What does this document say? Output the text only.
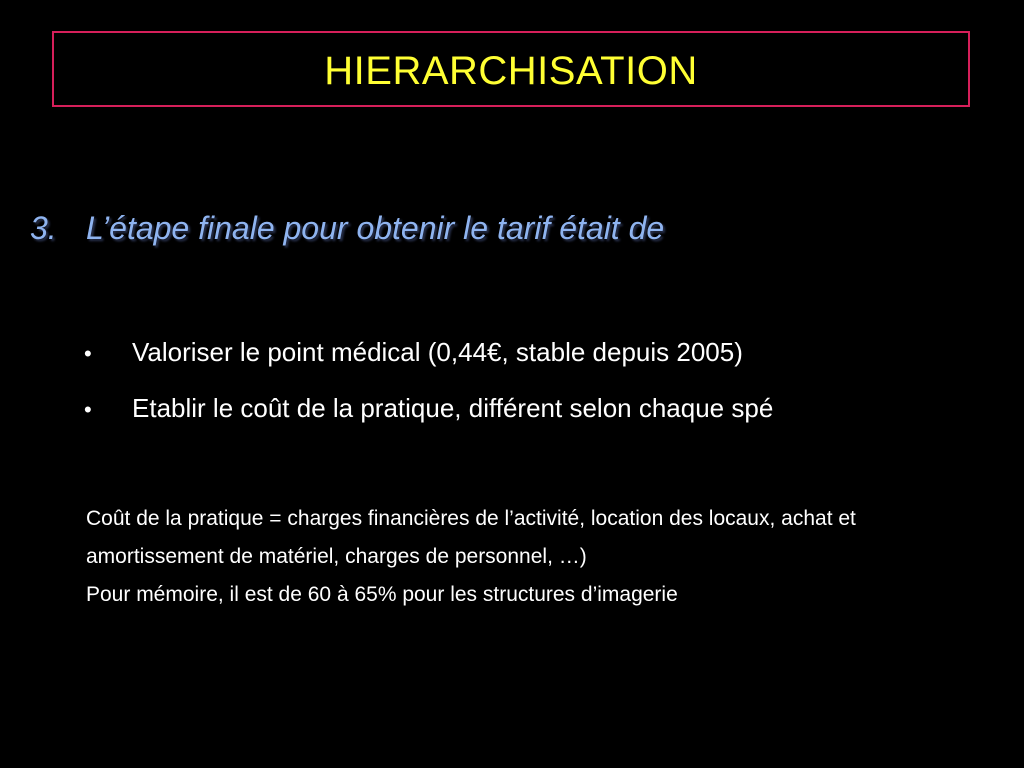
HIERARCHISATION
3. L’étape finale pour obtenir le tarif était de
•	Valoriser le point médical (0,44€, stable depuis 2005)
•	Etablir le coût de la pratique, différent selon chaque spé

Coût de la pratique = charges financières de l’activité, location des locaux, achat et amortissement de matériel, charges de personnel, …)

Pour mémoire, il est de 60 à 65% pour les structures d’imagerie
